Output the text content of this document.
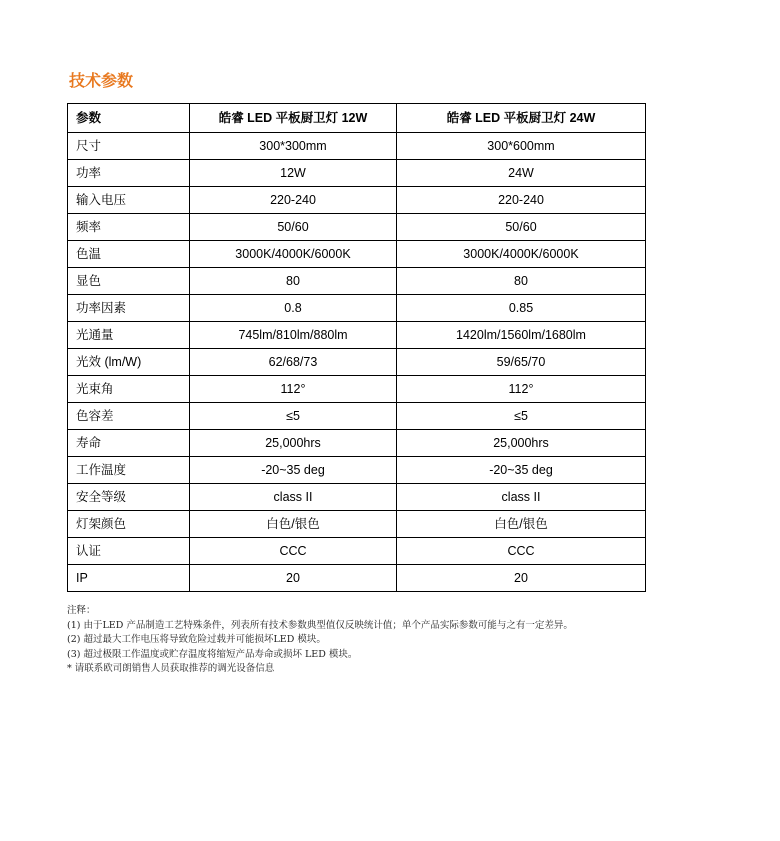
技术参数
参数	皓睿 LED 平板厨卫灯 12W	皓睿 LED 平板厨卫灯 24W
尺寸	300*300mm	300*600mm
功率	12W	24W
输入电压	220-240	220-240
频率	50/60	50/60
色温	3000K/4000K/6000K	3000K/4000K/6000K
显色	80	80
功率因素	0.8	0.85
光通量	745lm/810lm/880lm	1420lm/1560lm/1680lm
光效 (lm/W)	62/68/73	59/65/70
光束角	112°	112°
色容差	≤5	≤5
寿命	25,000hrs	25,000hrs
工作温度	-20~35 deg	-20~35 deg
安全等级	class II	class II
灯架颜色	白色/银色	白色/银色
认证	CCC	CCC
IP	20	20
注释：
(1) 由于LED 产品制造工艺特殊条件，列表所有技术参数典型值仅反映统计值；单个产品实际参数可能与之有一定差异。
(2) 超过最大工作电压将导致危险过载并可能损坏LED 模块。
(3) 超过极限工作温度或贮存温度将缩短产品寿命或损坏 LED 模块。
* 请联系欧司朗销售人员获取推荐的调光设备信息
